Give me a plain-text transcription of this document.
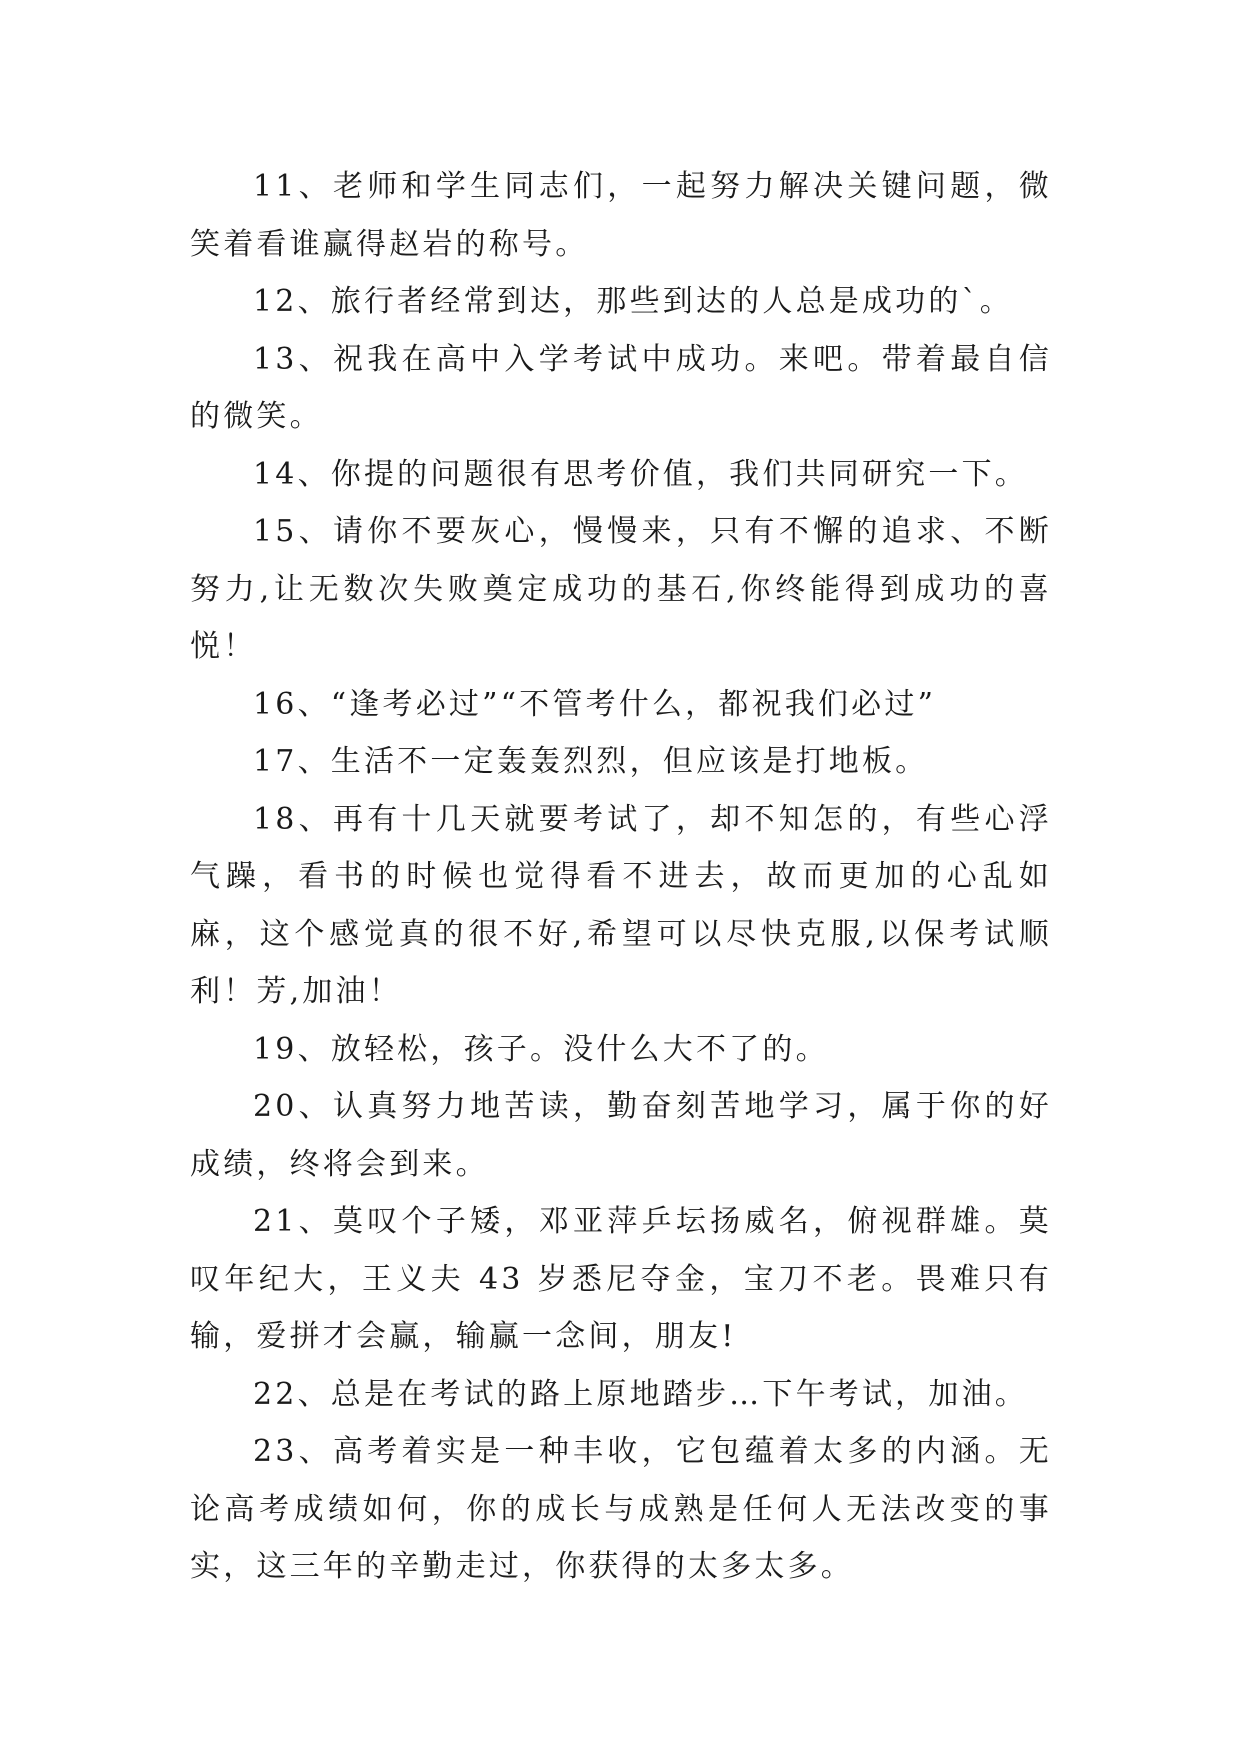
11、老师和学生同志们，一起努力解决关键问题，微笑着看谁赢得赵岩的称号。

12、旅行者经常到达，那些到达的人总是成功的`。

13、祝我在高中入学考试中成功。来吧。带着最自信的微笑。

14、你提的问题很有思考价值，我们共同研究一下。

15、请你不要灰心，慢慢来，只有不懈的追求、不断努力,让无数次失败奠定成功的基石,你终能得到成功的喜悦！

16、“逢考必过”“不管考什么，都祝我们必过”

17、生活不一定轰轰烈烈，但应该是打地板。

18、再有十几天就要考试了，却不知怎的，有些心浮气躁，看书的时候也觉得看不进去，故而更加的心乱如麻，这个感觉真的很不好,希望可以尽快克服,以保考试顺利！芳,加油！

19、放轻松，孩子。没什么大不了的。

20、认真努力地苦读，勤奋刻苦地学习，属于你的好成绩，终将会到来。

21、莫叹个子矮，邓亚萍乒坛扬威名，俯视群雄。莫叹年纪大，王义夫 43 岁悉尼夺金，宝刀不老。畏难只有输，爱拼才会赢，输赢一念间，朋友!

22、总是在考试的路上原地踏步…下午考试，加油。

23、高考着实是一种丰收，它包蕴着太多的内涵。无论高考成绩如何，你的成长与成熟是任何人无法改变的事实，这三年的辛勤走过，你获得的太多太多。
